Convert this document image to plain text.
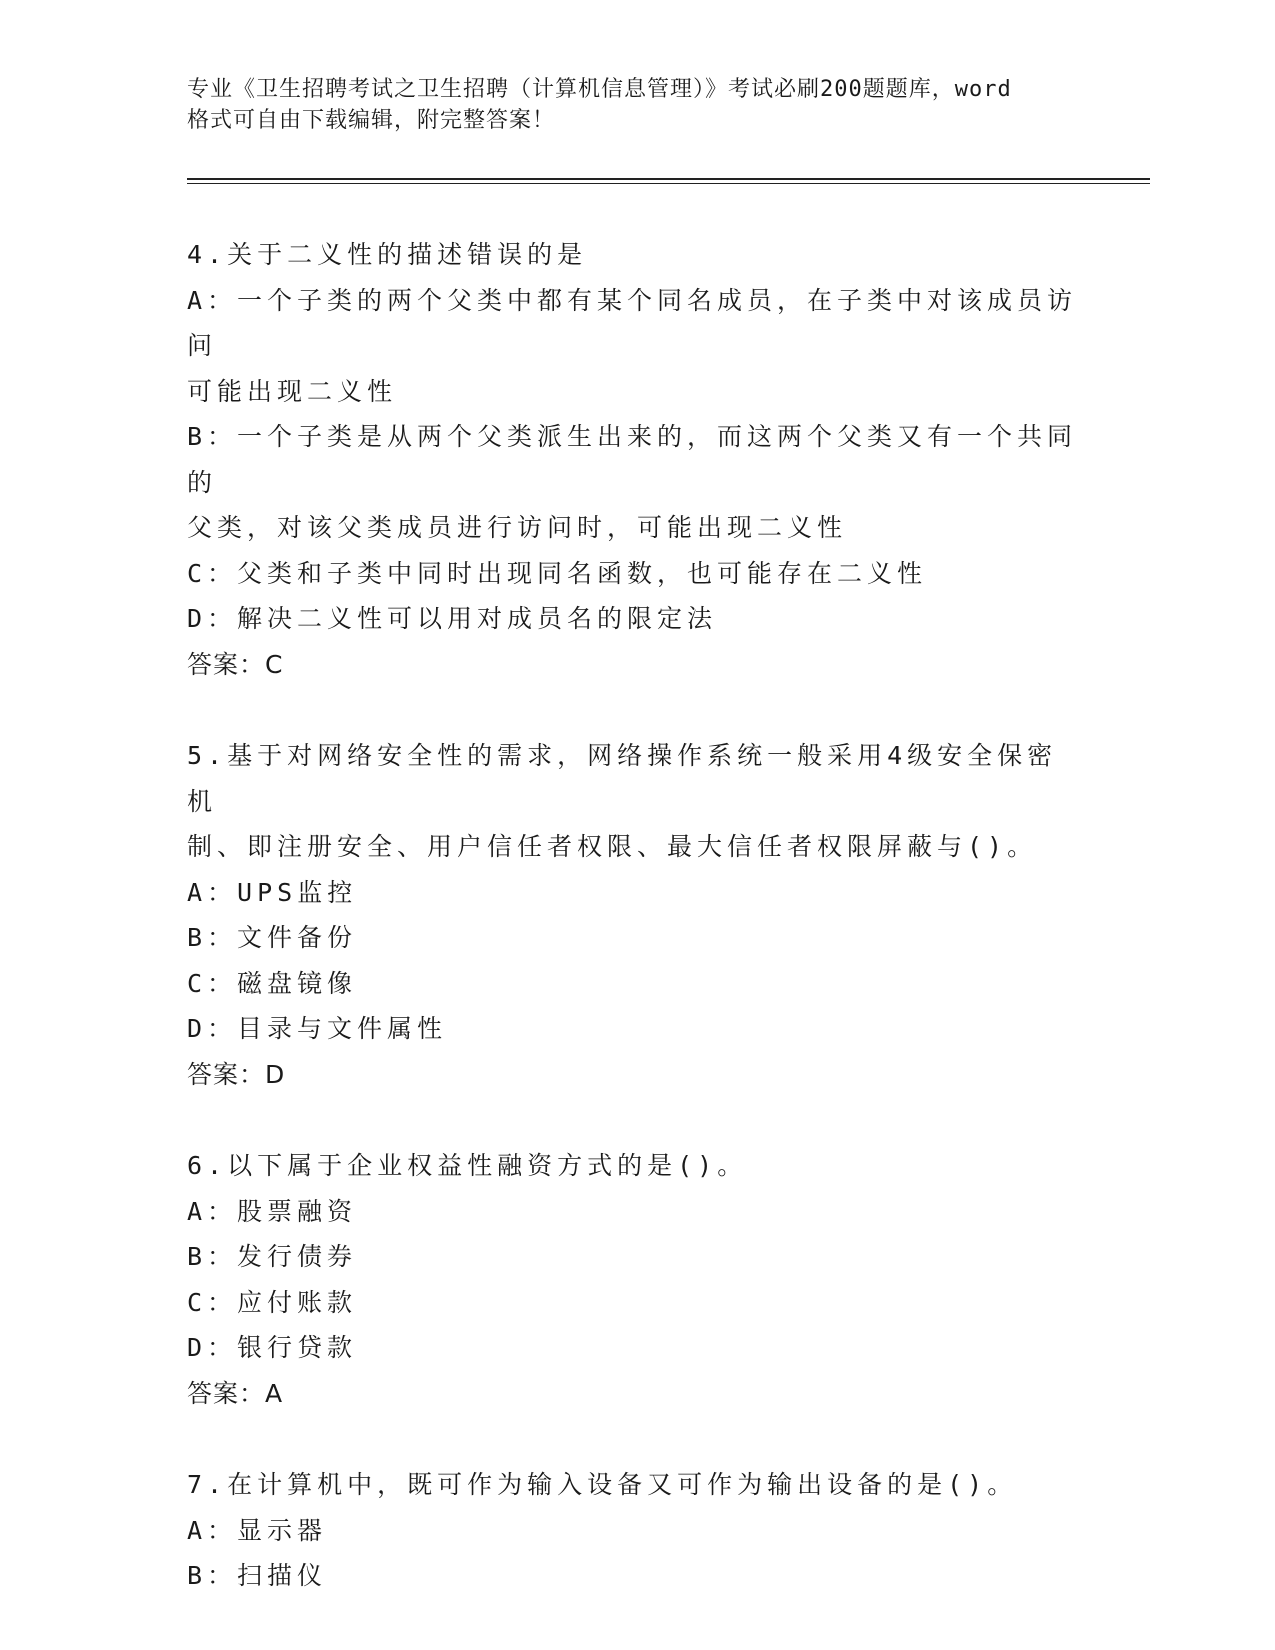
专业《卫生招聘考试之卫生招聘（计算机信息管理）》考试必刷200题题库，word
格式可自由下载编辑，附完整答案！
4.关于二义性的描述错误的是
A：一个子类的两个父类中都有某个同名成员，在子类中对该成员访问
可能出现二义性
B：一个子类是从两个父类派生出来的，而这两个父类又有一个共同的
父类，对该父类成员进行访问时，可能出现二义性
C：父类和子类中同时出现同名函数，也可能存在二义性
D：解决二义性可以用对成员名的限定法
答案：C
5.基于对网络安全性的需求，网络操作系统一般采用4级安全保密机
制、即注册安全、用户信任者权限、最大信任者权限屏蔽与()。
A：UPS监控
B：文件备份
C：磁盘镜像
D：目录与文件属性
答案：D
6.以下属于企业权益性融资方式的是()。
A：股票融资
B：发行债券
C：应付账款
D：银行贷款
答案：A
7.在计算机中，既可作为输入设备又可作为输出设备的是()。
A：显示器
B：扫描仪
